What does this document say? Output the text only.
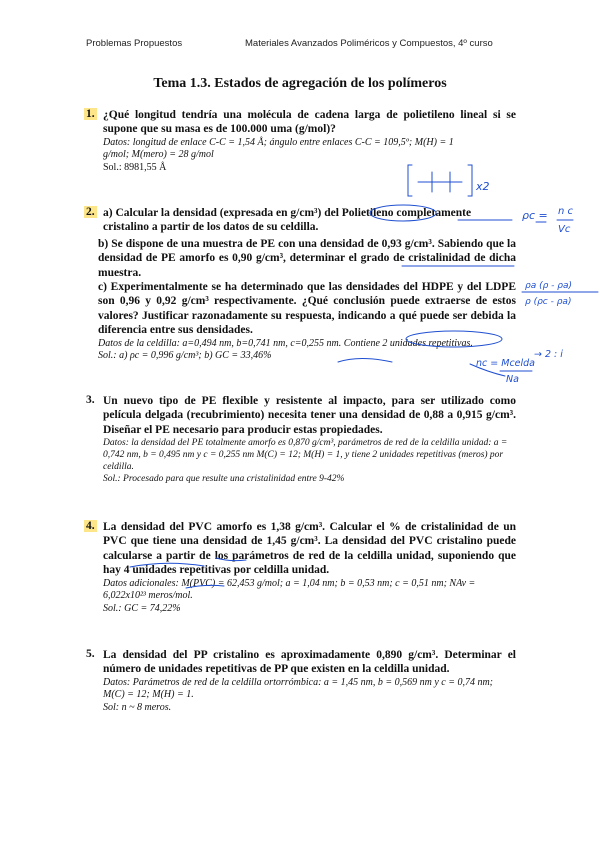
Problemas Propuestos	Materiales Avanzados Poliméricos y Compuestos, 4º curso
Tema 1.3. Estados de agregación de los polímeros
1. ¿Qué longitud tendría una molécula de cadena larga de polietileno lineal si se supone que su masa es de 100.000 uma (g/mol)?
Datos: longitud de enlace C-C = 1,54 Å; ángulo entre enlaces C-C = 109,5º; M(H) = 1
g/mol; M(mero) = 28 g/mol
Sol.: 8981,55 Å
2. a) Calcular la densidad (expresada en g/cm³) del Polietileno completamente
cristalino a partir de los datos de su celdilla.
b) Se dispone de una muestra de PE con una densidad de 0,93 g/cm³. Sabiendo que la densidad de PE amorfo es 0,90 g/cm³, determinar el grado de cristalinidad de dicha muestra.
c) Experimentalmente se ha determinado que las densidades del HDPE y del LDPE son 0,96 y 0,92 g/cm³ respectivamente. ¿Qué conclusión puede extraerse de estos valores? Justificar razonadamente su respuesta, indicando a qué puede ser debida la diferencia entre sus densidades.
Datos de la celdilla: a=0,494 nm, b=0,741 nm, c=0,255 nm. Contiene 2 unidades repetitivas.
Sol.: a) ρc = 0,996 g/cm³; b) GC = 33,46%
3. Un nuevo tipo de PE flexible y resistente al impacto, para ser utilizado como película delgada (recubrimiento) necesita tener una densidad de 0,88 a 0,915 g/cm³. Diseñar el PE necesario para producir estas propiedades.
Datos: la densidad del PE totalmente amorfo es 0,870 g/cm³, parámetros de red de la celdilla unidad: a = 0,742 nm, b = 0,495 nm y c = 0,255 nm M(C) = 12; M(H) = 1, y tiene 2 unidades repetitivas (meros) por celdilla.
Sol.: Procesado para que resulte una cristalinidad entre 9-42%
4. La densidad del PVC amorfo es 1,38 g/cm³. Calcular el % de cristalinidad de un PVC que tiene una densidad de 1,45 g/cm³. La densidad del PVC cristalino puede calcularse a partir de los parámetros de red de la celdilla unidad, suponiendo que hay 4 unidades repetitivas por celdilla unidad.
Datos adicionales: M(PVC) = 62,453 g/mol; a = 1,04 nm; b = 0,53 nm; c = 0,51 nm; NAv = 6,022x10²³ meros/mol.
Sol.: GC = 74,22%
5. La densidad del PP cristalino es aproximadamente 0,890 g/cm³. Determinar el número de unidades repetitivas de PP que existen en la celdilla unidad.
Datos: Parámetros de red de la celdilla ortorrómbica: a = 1,45 nm, b = 0,569 nm y c = 0,74 nm; M(C) = 12; M(H) = 1.
Sol: n ~ 8 meros.
x2
ρc = n c
Vc
ρa (ρ - ρa)
ρ (ρc - ρa)
nc = Mcelda
Na
→ 2 : i
